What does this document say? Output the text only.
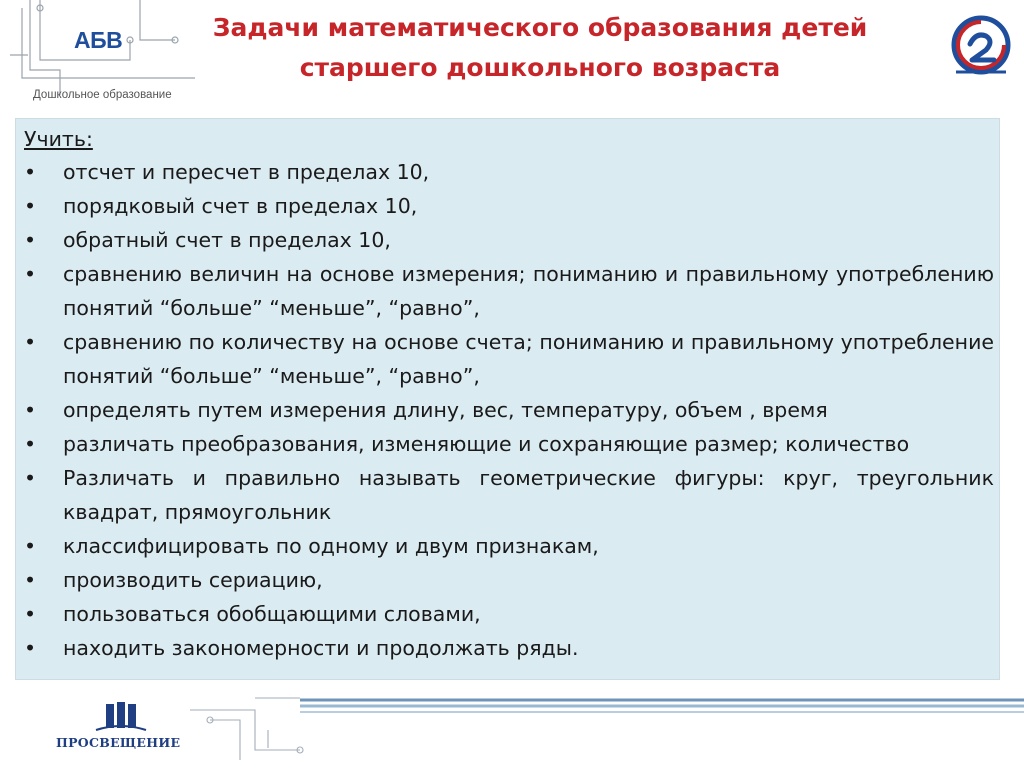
АБВ
Дошкольное образование
Задачи математического образования детей
старшего дошкольного возраста
Учить:
• отсчет и пересчет в пределах 10,
• порядковый счет в пределах 10,
• обратный счет в пределах 10,
• сравнению величин на основе измерения; пониманию и правильному употреблению понятий “больше” “меньше”, “равно”,
• сравнению по количеству на основе счета; пониманию и правильному употребление понятий “больше” “меньше”, “равно”,
• определять путем измерения длину, вес, температуру, объем , время
• различать преобразования, изменяющие и сохраняющие размер; количество
• Различать и правильно называть геометрические фигуры: круг, треугольник квадрат, прямоугольник
• классифицировать по одному и двум признакам,
• производить сериацию,
• пользоваться обобщающими словами,
• находить закономерности и продолжать ряды.
ПРОСВЕЩЕНИЕ
